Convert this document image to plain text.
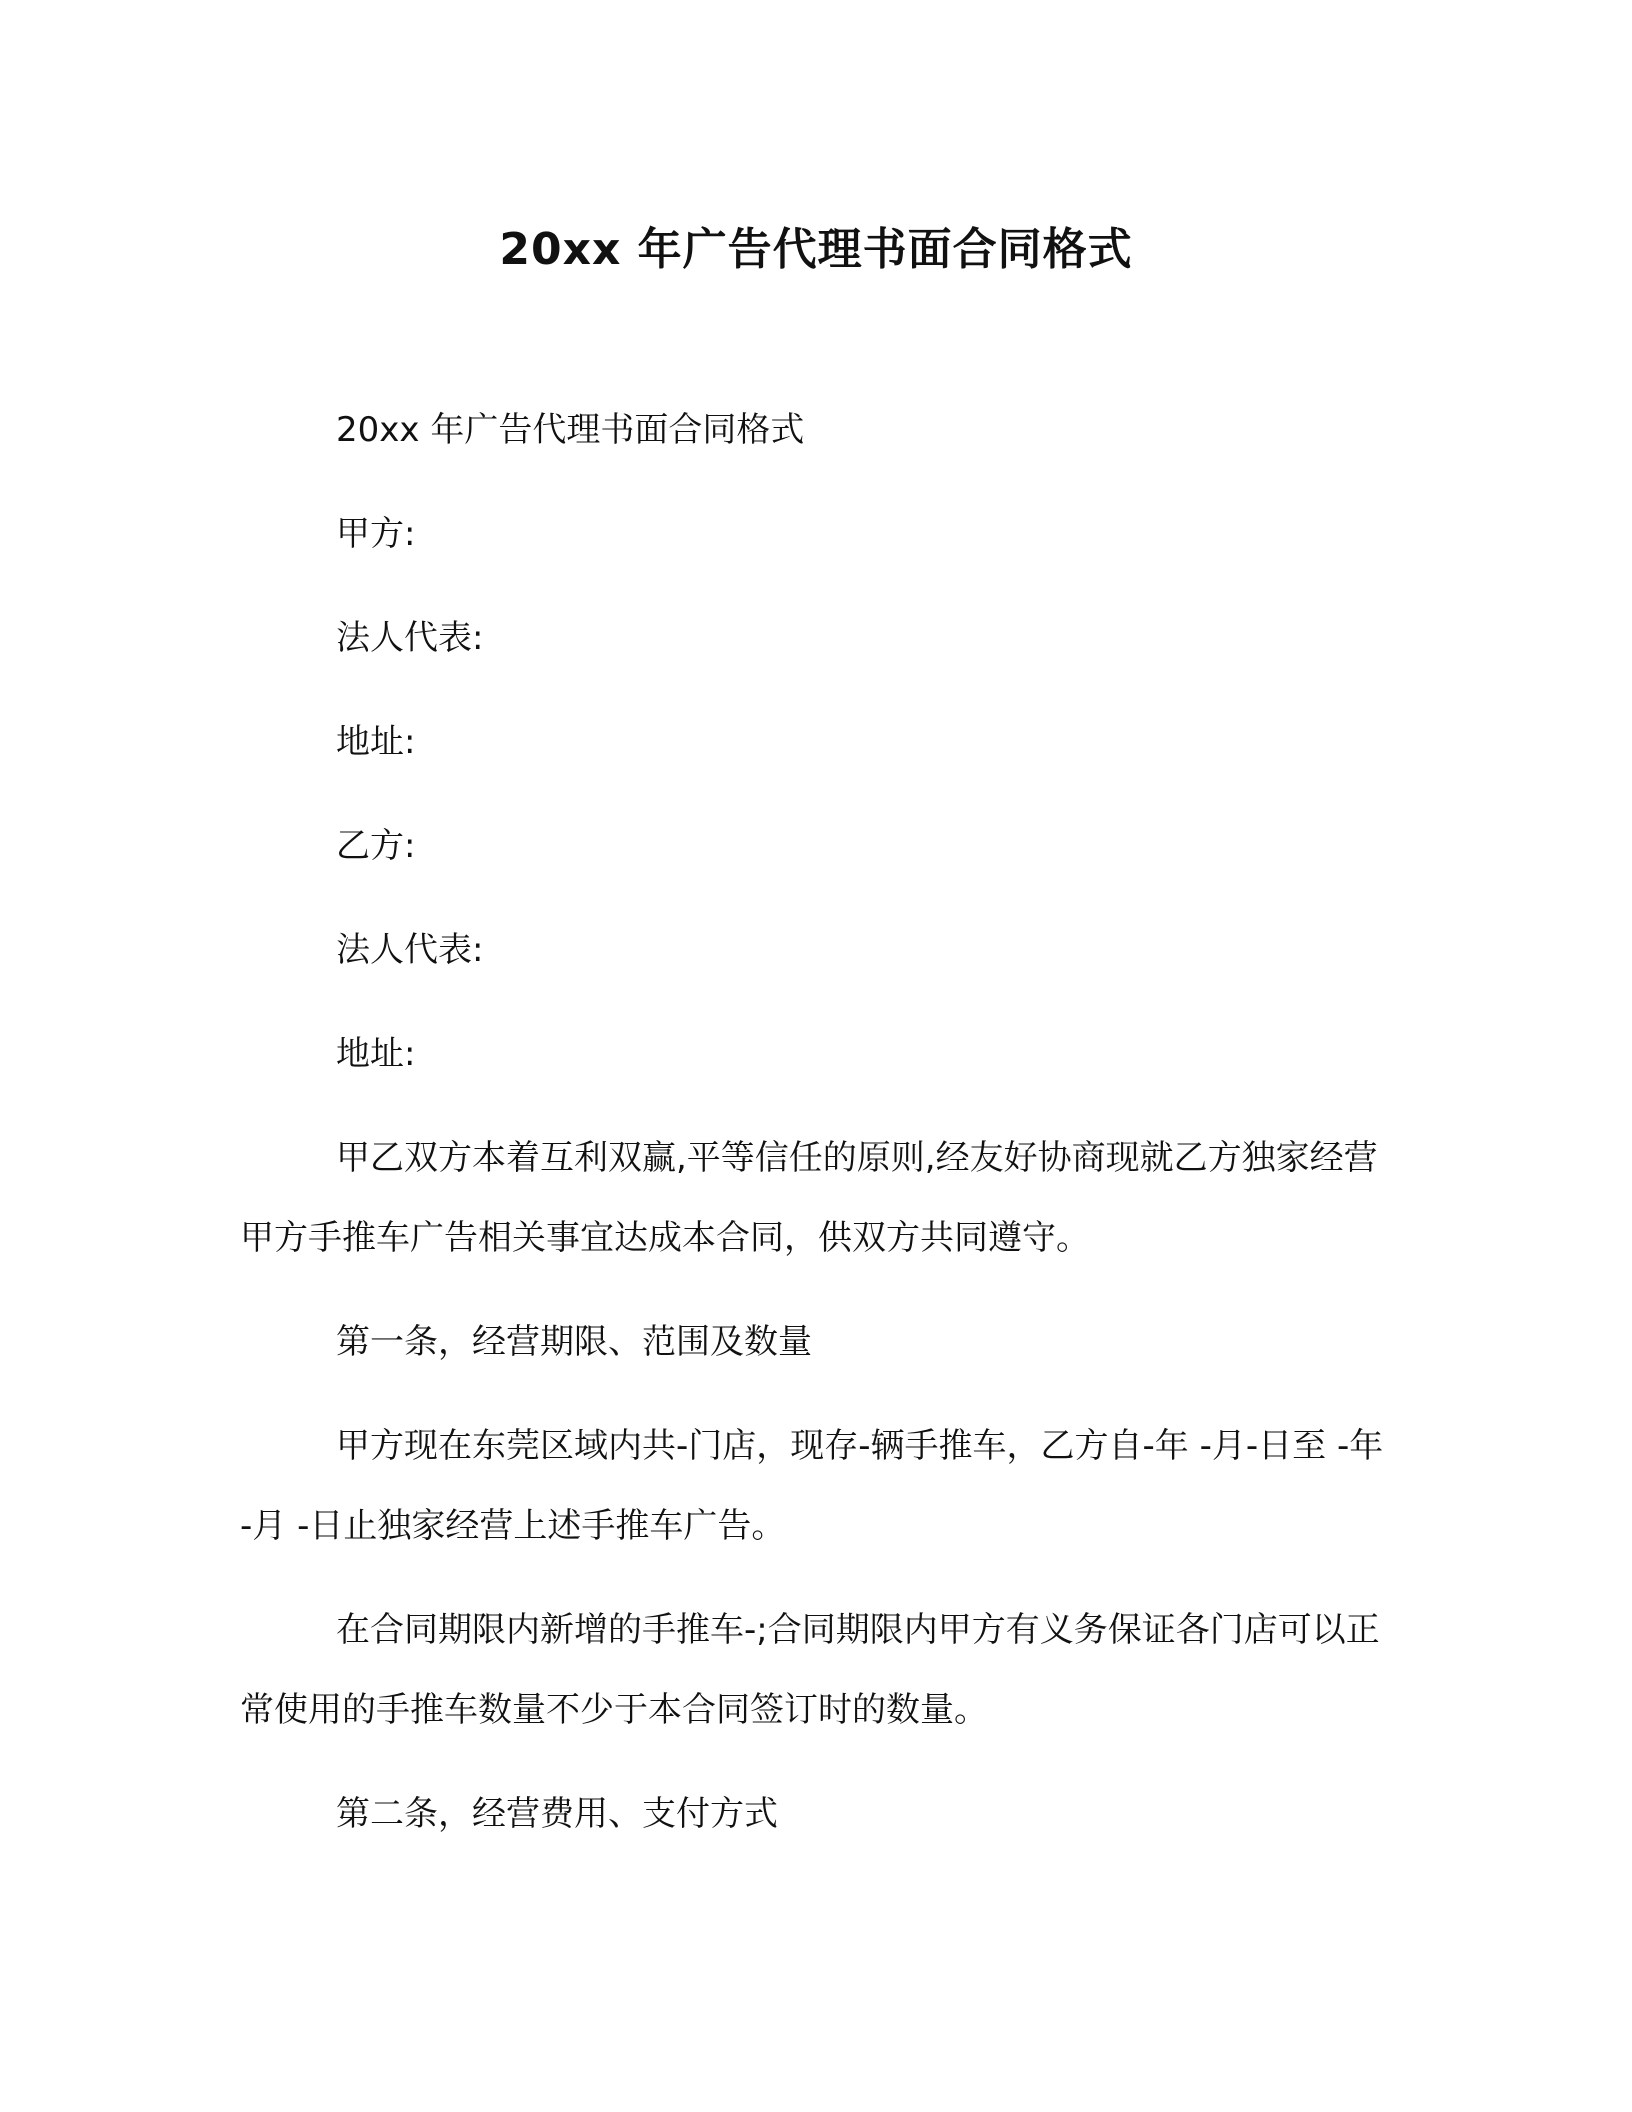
20xx 年广告代理书面合同格式

20xx 年广告代理书面合同格式

甲方:

法人代表:

地址:

乙方:

法人代表:

地址:

甲乙双方本着互利双赢,平等信任的原则,经友好协商现就乙方独家经营甲方手推车广告相关事宜达成本合同，供双方共同遵守。

第一条，经营期限、范围及数量

甲方现在东莞区域内共-门店，现存-辆手推车，乙方自-年 -月-日至 -年 -月 -日止独家经营上述手推车广告。

在合同期限内新增的手推车-;合同期限内甲方有义务保证各门店可以正常使用的手推车数量不少于本合同签订时的数量。

第二条，经营费用、支付方式
